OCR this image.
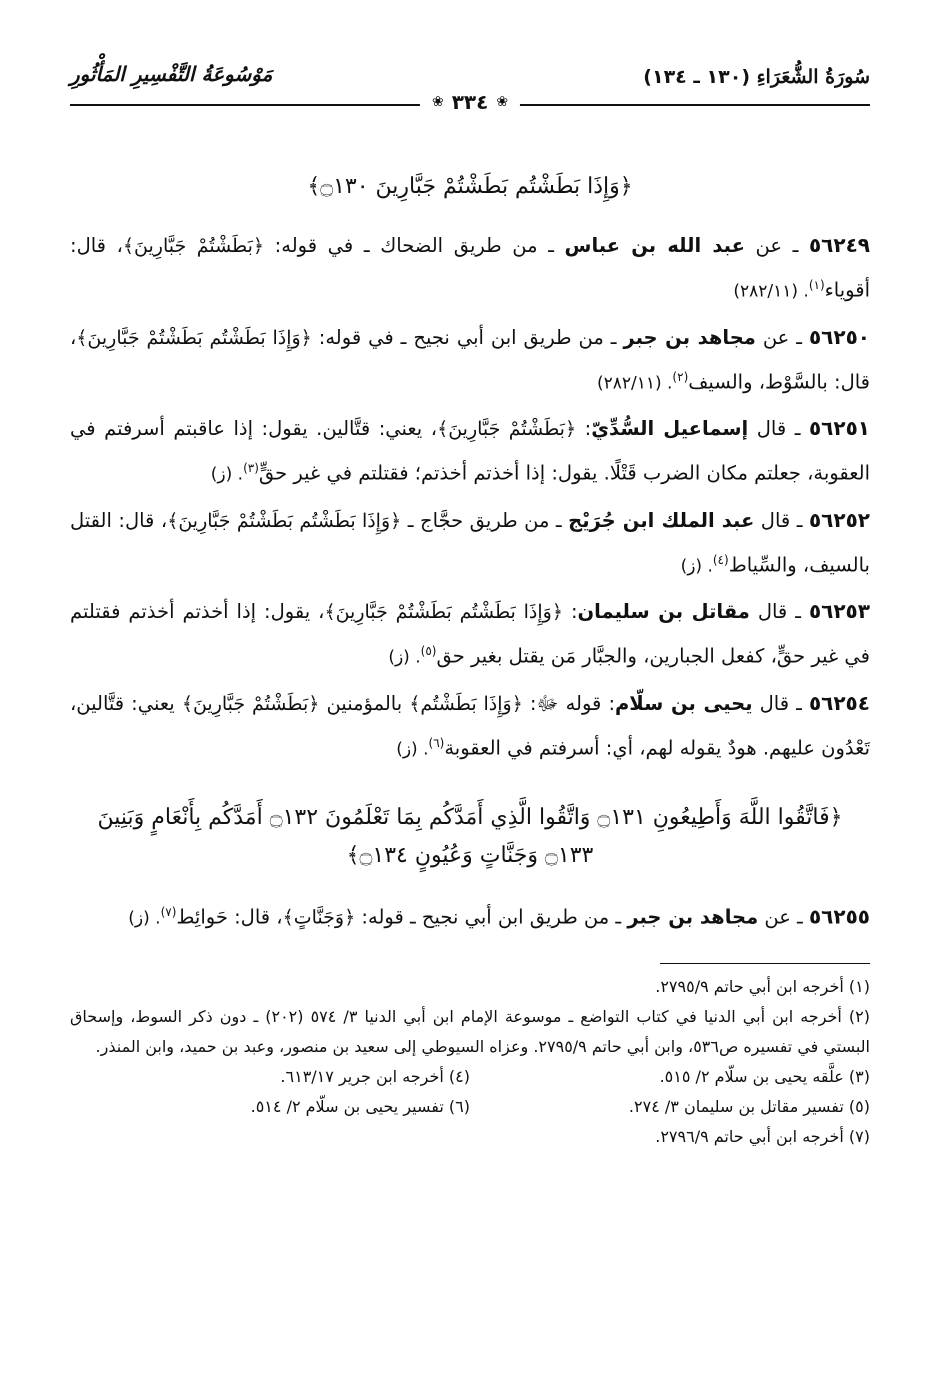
سُورَةُ الشُّعَرَاءِ (١٣٠ ـ ١٣٤)
مَوْسُوعَةُ التَّفْسِيرِ المَأْثُورِ
❀
٣٣٤
❀
﴿وَإِذَا بَطَشْتُم بَطَشْتُمْ جَبَّارِينَ ۝١٣٠﴾

٥٦٢٤٩ ـ عن عبد الله بن عباس ـ من طريق الضحاك ـ في قوله: ﴿بَطَشْتُمْ جَبَّارِينَ﴾، قال: أقوياء$^{(١)}$. (٢٨٢/١١)

٥٦٢٥٠ ـ عن مجاهد بن جبر ـ من طريق ابن أبي نجيح ـ في قوله: ﴿وَإِذَا بَطَشْتُم بَطَشْتُمْ جَبَّارِينَ﴾، قال: بالسَّوْط، والسيف$^{(٢)}$. (٢٨٢/١١)

٥٦٢٥١ ـ قال إسماعيل السُّدِّيّ: ﴿بَطَشْتُمْ جَبَّارِينَ﴾، يعني: قتَّالين. يقول: إذا عاقبتم أسرفتم في العقوبة، جعلتم مكان الضرب قَتْلًا. يقول: إذا أخذتم أخذتم؛ فقتلتم في غير حقٍّ$^{(٣)}$. (ز)

٥٦٢٥٢ ـ قال عبد الملك ابن جُرَيْج ـ من طريق حجَّاج ـ ﴿وَإِذَا بَطَشْتُم بَطَشْتُمْ جَبَّارِينَ﴾، قال: القتل بالسيف، والسِّياط$^{(٤)}$. (ز)

٥٦٢٥٣ ـ قال مقاتل بن سليمان: ﴿وَإِذَا بَطَشْتُم بَطَشْتُمْ جَبَّارِينَ﴾، يقول: إذا أخذتم أخذتم فقتلتم في غير حقٍّ، كفعل الجبارين، والجبَّار مَن يقتل بغير حق$^{(٥)}$. (ز)

٥٦٢٥٤ ـ قال يحيى بن سلّام: قوله ﷻ: ﴿وَإِذَا بَطَشْتُم﴾ بالمؤمنين ﴿بَطَشْتُمْ جَبَّارِينَ﴾ يعني: قتَّالين، تَعْدُون عليهم. هودٌ يقوله لهم، أي: أسرفتم في العقوبة$^{(٦)}$. (ز)

﴿فَاتَّقُوا اللَّهَ وَأَطِيعُونِ ۝١٣١ وَاتَّقُوا الَّذِي أَمَدَّكُم بِمَا تَعْلَمُونَ ۝١٣٢ أَمَدَّكُم بِأَنْعَامٍ وَبَنِينَ ۝١٣٣ وَجَنَّاتٍ وَعُيُونٍ ۝١٣٤﴾

٥٦٢٥٥ ـ عن مجاهد بن جبر ـ من طريق ابن أبي نجيح ـ قوله: ﴿وَجَنَّاتٍ﴾، قال: حَوائِط$^{(٧)}$. (ز)

(١) أخرجه ابن أبي حاتم ٢٧٩٥/٩.
(٢) أخرجه ابن أبي الدنيا في كتاب التواضع ـ موسوعة الإمام ابن أبي الدنيا ٣/ ٥٧٤ (٢٠٢) ـ دون ذكر السوط، وإسحاق البستي في تفسيره ص٥٣٦، وابن أبي حاتم ٢٧٩٥/٩. وعزاه السيوطي إلى سعيد بن منصور، وعبد بن حميد، وابن المنذر.
(٣) علَّقه يحيى بن سلّام ٢/ ٥١٥.
(٤) أخرجه ابن جرير ٦١٣/١٧.
(٥) تفسير مقاتل بن سليمان ٣/ ٢٧٤.
(٦) تفسير يحيى بن سلّام ٢/ ٥١٤.
(٧) أخرجه ابن أبي حاتم ٢٧٩٦/٩.
